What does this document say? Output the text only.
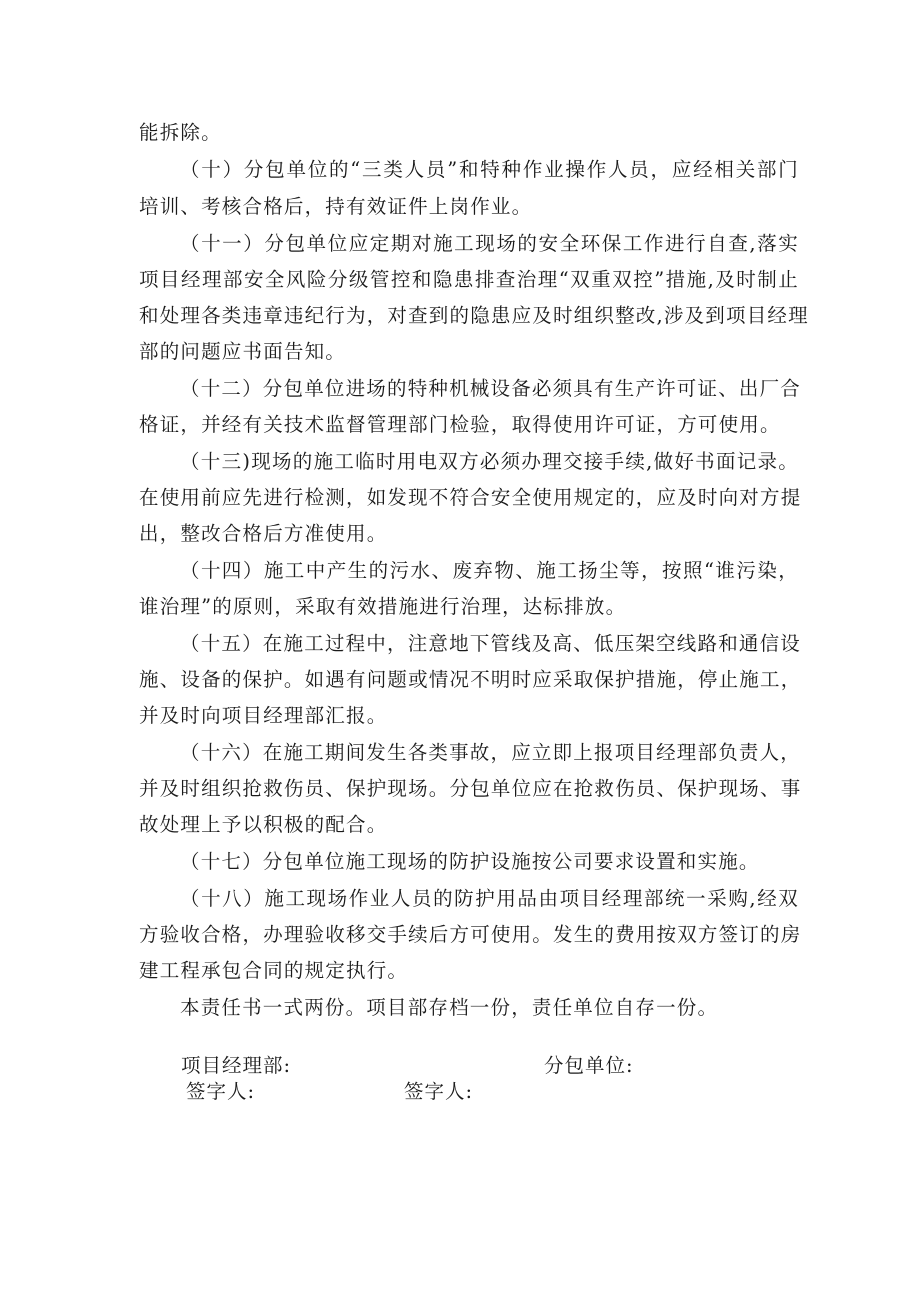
能拆除。
（十）分包单位的“三类人员”和特种作业操作人员，应经相关部门
培训、考核合格后，持有效证件上岗作业。
（十一）分包单位应定期对施工现场的安全环保工作进行自查,落实
项目经理部安全风险分级管控和隐患排查治理“双重双控”措施,及时制止
和处理各类违章违纪行为，对查到的隐患应及时组织整改,涉及到项目经理
部的问题应书面告知。
（十二）分包单位进场的特种机械设备必须具有生产许可证、出厂合
格证，并经有关技术监督管理部门检验，取得使用许可证，方可使用。
（十三)现场的施工临时用电双方必须办理交接手续,做好书面记录。
在使用前应先进行检测，如发现不符合安全使用规定的，应及时向对方提
出，整改合格后方准使用。
（十四）施工中产生的污水、废弃物、施工扬尘等，按照“谁污染，
谁治理”的原则，采取有效措施进行治理，达标排放。
（十五）在施工过程中，注意地下管线及高、低压架空线路和通信设
施、设备的保护。如遇有问题或情况不明时应采取保护措施，停止施工，
并及时向项目经理部汇报。
（十六）在施工期间发生各类事故，应立即上报项目经理部负责人，
并及时组织抢救伤员、保护现场。分包单位应在抢救伤员、保护现场、事
故处理上予以积极的配合。
（十七）分包单位施工现场的防护设施按公司要求设置和实施。
（十八）施工现场作业人员的防护用品由项目经理部统一采购,经双
方验收合格，办理验收移交手续后方可使用。发生的费用按双方签订的房
建工程承包合同的规定执行。
本责任书一式两份。项目部存档一份，责任单位自存一份。
项目经理部:	分包单位:
签字人:	签字人:
